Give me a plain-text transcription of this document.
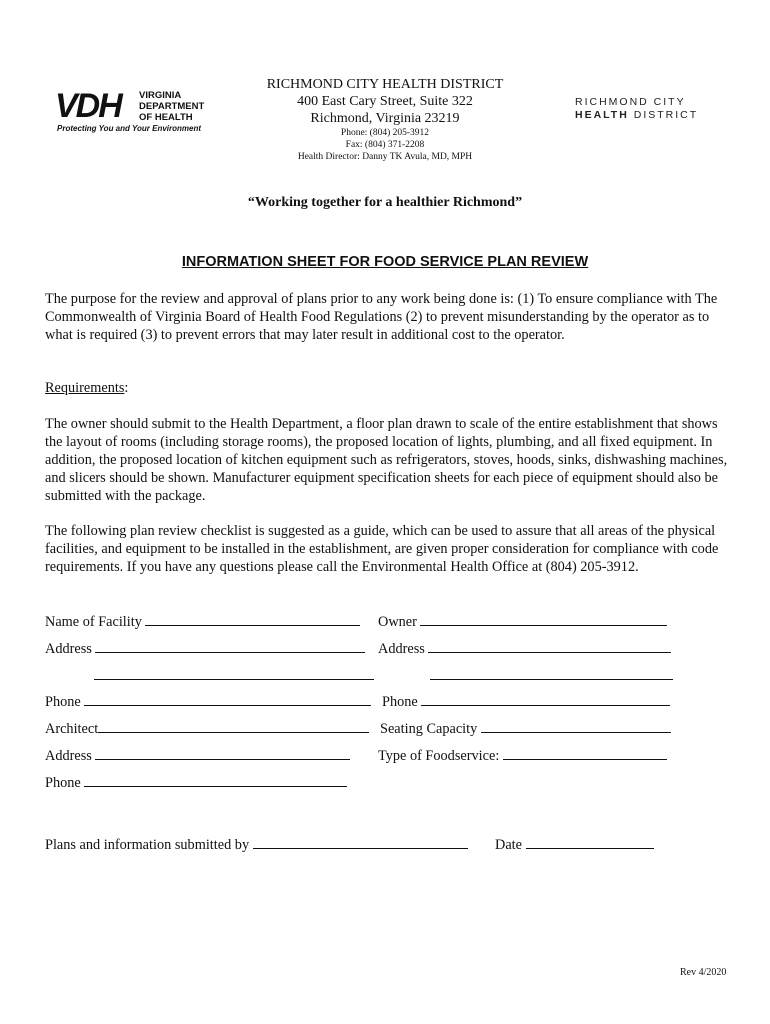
VDH VIRGINIA
DEPARTMENT
OF HEALTH
Protecting You and Your Environment
RICHMOND CITY HEALTH DISTRICT
400 East Cary Street, Suite 322
Richmond, Virginia 23219
Phone: (804) 205-3912
Fax: (804) 371-2208
Health Director: Danny TK Avula, MD, MPH
RICHMOND CITY
HEALTH DISTRICT
“Working together for a healthier Richmond”
INFORMATION SHEET FOR FOOD SERVICE PLAN REVIEW
The purpose for the review and approval of plans prior to any work being done is: (1) To ensure compliance with The Commonwealth of Virginia Board of Health Food Regulations (2) to prevent misunderstanding by the operator as to what is required (3) to prevent errors that may later result in additional cost to the operator.
Requirements:
The owner should submit to the Health Department, a floor plan drawn to scale of the entire establishment that shows the layout of rooms (including storage rooms), the proposed location of lights, plumbing, and all fixed equipment. In addition, the proposed location of kitchen equipment such as refrigerators, stoves, hoods, sinks, dishwashing machines, and slicers should be shown. Manufacturer equipment specification sheets for each piece of equipment should also be submitted with the package.
The following plan review checklist is suggested as a guide, which can be used to assure that all areas of the physical facilities, and equipment to be installed in the establishment, are given proper consideration for compliance with code requirements. If you have any questions please call the Environmental Health Office at (804) 205-3912.
Name of Facility	Owner
Address	Address
Phone	Phone
Architect	Seating Capacity
Address	Type of Foodservice:
Phone
Plans and information submitted by	Date
Rev 4/2020
